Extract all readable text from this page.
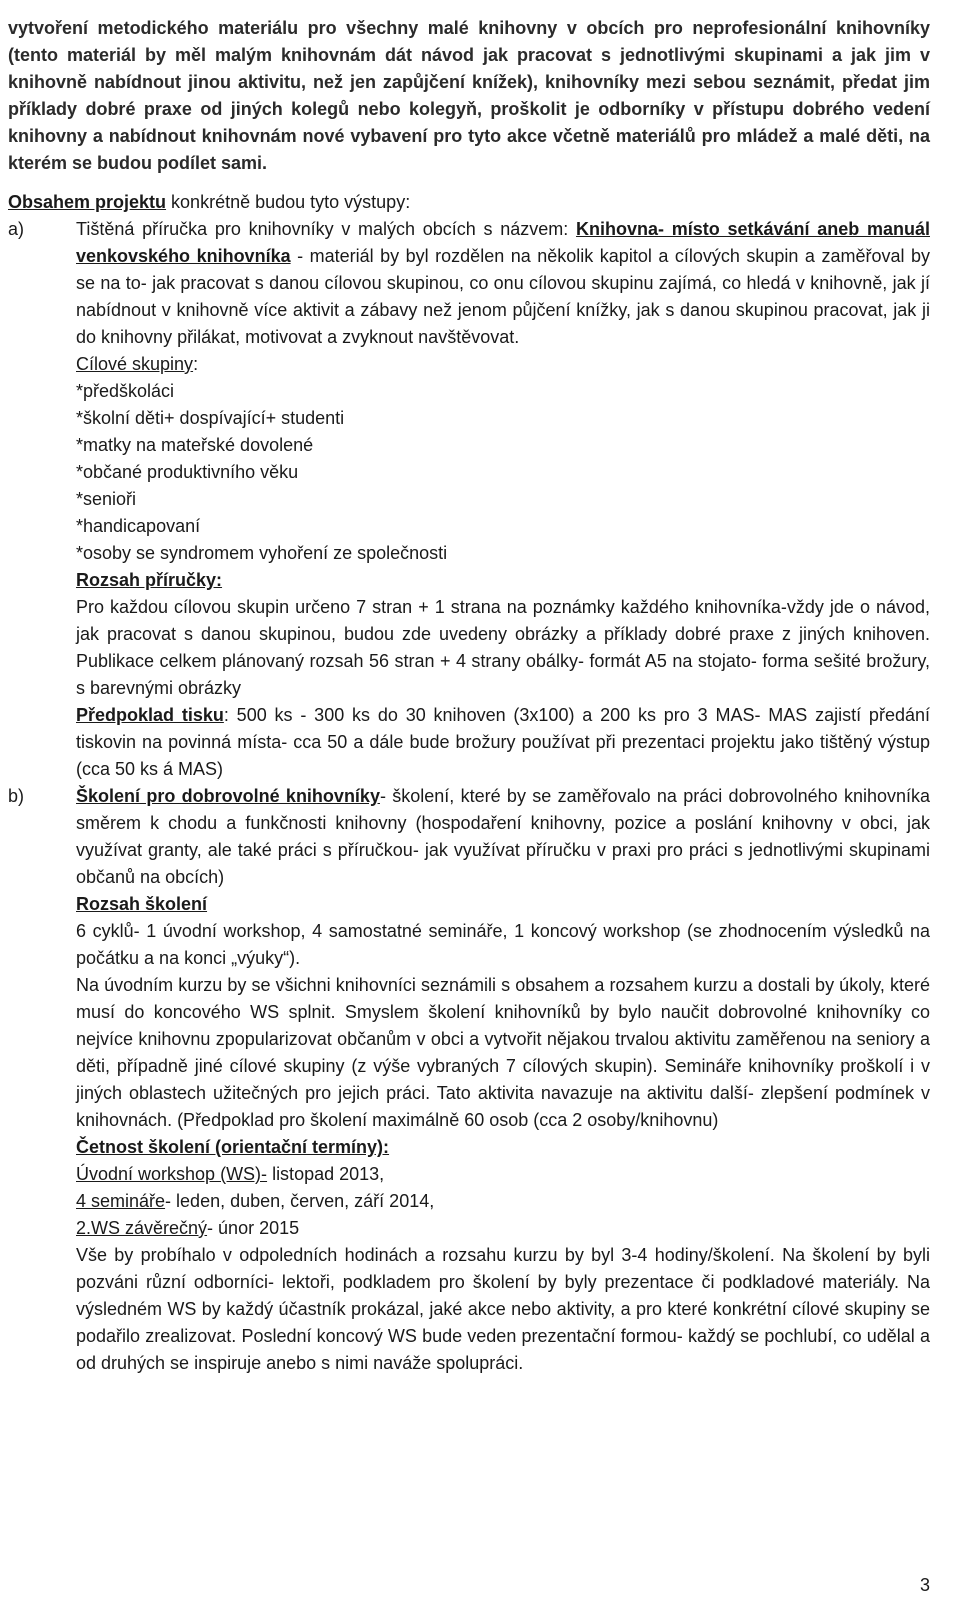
vytvoření metodického materiálu pro všechny malé knihovny v obcích pro neprofesionální knihovníky (tento materiál by měl malým knihovnám dát návod jak pracovat s jednotlivými skupinami a jak jim v knihovně nabídnout jinou aktivitu, než jen zapůjčení knížek), knihovníky mezi sebou seznámit, předat jim příklady dobré praxe od jiných kolegů nebo kolegyň, proškolit je odborníky v přístupu dobrého vedení knihovny a nabídnout knihovnám nové vybavení pro tyto akce včetně materiálů pro mládež a malé děti, na kterém se budou podílet sami.

Obsahem projektu konkrétně budou tyto výstupy:

a)	Tištěná příručka pro knihovníky v malých obcích s názvem: Knihovna- místo setkávání aneb manuál venkovského knihovníka - materiál by byl rozdělen na několik kapitol a cílových skupin a zaměřoval by se na to- jak pracovat s danou cílovou skupinou, co onu cílovou skupinu zajímá, co hledá v knihovně, jak jí nabídnout v knihovně více aktivit a zábavy než jenom půjčení knížky, jak s danou skupinou pracovat, jak ji do knihovny přilákat, motivovat a zvyknout navštěvovat.

Cílové skupiny:

*předškoláci

*školní děti+ dospívající+ studenti

*matky na mateřské dovolené

*občané produktivního věku

*senioři

*handicapovaní

*osoby se syndromem vyhoření ze společnosti

Rozsah příručky:

Pro každou cílovou skupin určeno 7 stran + 1 strana na poznámky každého knihovníka-vždy jde o návod, jak pracovat s danou skupinou, budou zde uvedeny obrázky a příklady dobré praxe z jiných knihoven. Publikace celkem plánovaný rozsah 56 stran + 4 strany obálky- formát A5 na stojato- forma sešité brožury, s barevnými obrázky

Předpoklad tisku: 500 ks - 300 ks do 30 knihoven (3x100) a 200 ks pro 3 MAS- MAS zajistí předání tiskovin na povinná místa- cca 50 a dále bude brožury používat při prezentaci projektu jako tištěný výstup (cca 50 ks á MAS)

b)	Školení pro dobrovolné knihovníky- školení, které by se zaměřovalo na práci dobrovolného knihovníka směrem k chodu a funkčnosti knihovny (hospodaření knihovny, pozice a poslání knihovny v obci, jak využívat granty, ale také práci s příručkou- jak využívat příručku v praxi pro práci s jednotlivými skupinami občanů na obcích)

Rozsah školení

6 cyklů- 1 úvodní workshop, 4 samostatné semináře, 1 koncový workshop (se zhodnocením výsledků na počátku a na konci „výuky“).

Na úvodním kurzu by se všichni knihovníci seznámili s obsahem a rozsahem kurzu a dostali by úkoly, které musí do koncového WS splnit. Smyslem školení knihovníků by bylo naučit dobrovolné knihovníky co nejvíce knihovnu zpopularizovat občanům v obci a vytvořit nějakou trvalou aktivitu zaměřenou na seniory a děti, případně jiné cílové skupiny (z výše vybraných 7 cílových skupin). Semináře knihovníky proškolí i v jiných oblastech užitečných pro jejich práci. Tato aktivita navazuje na aktivitu další- zlepšení podmínek v knihovnách. (Předpoklad pro školení maximálně 60 osob (cca 2 osoby/knihovnu)

Četnost školení (orientační termíny):

Úvodní workshop (WS)- listopad 2013,

4 semináře- leden, duben, červen, září 2014,

2.WS závěrečný- únor 2015

Vše by probíhalo v odpoledních hodinách a rozsahu kurzu by byl 3-4 hodiny/školení. Na školení by byli pozváni různí odborníci- lektoři, podkladem pro školení by byly prezentace či podkladové materiály. Na výsledném WS by každý účastník prokázal, jaké akce nebo aktivity, a pro které konkrétní cílové skupiny se podařilo zrealizovat. Poslední koncový WS bude veden prezentační formou- každý se pochlubí, co udělal a od druhých se inspiruje anebo s nimi naváže spolupráci.

3
